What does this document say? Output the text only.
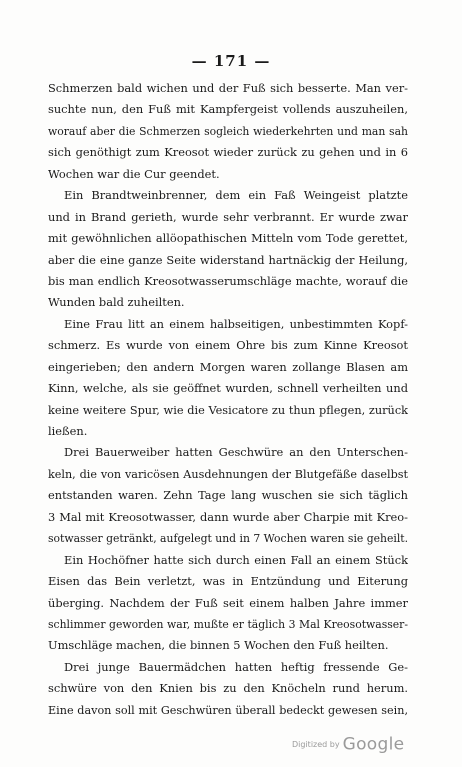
— 171 —
Schmerzen bald wichen und der Fuß sich besserte. Man ver-
suchte nun, den Fuß mit Kampfergeist vollends auszuheilen,
worauf aber die Schmerzen sogleich wiederkehrten und man sah
sich genöthigt zum Kreosot wieder zurück zu gehen und in 6
Wochen war die Cur geendet.
Ein Brandtweinbrenner, dem ein Faß Weingeist platzte
und in Brand gerieth, wurde sehr verbrannt. Er wurde zwar
mit gewöhnlichen allöopathischen Mitteln vom Tode gerettet,
aber die eine ganze Seite widerstand hartnäckig der Heilung,
bis man endlich Kreosotwasserumschläge machte, worauf die
Wunden bald zuheilten.
Eine Frau litt an einem halbseitigen, unbestimmten Kopf-
schmerz. Es wurde von einem Ohre bis zum Kinne Kreosot
eingerieben; den andern Morgen waren zollange Blasen am
Kinn, welche, als sie geöffnet wurden, schnell verheilten und
keine weitere Spur, wie die Vesicatore zu thun pflegen, zurück
ließen.
Drei Bauerweiber hatten Geschwüre an den Unterschen-
keln, die von varicösen Ausdehnungen der Blutgefäße daselbst
entstanden waren. Zehn Tage lang wuschen sie sich täglich
3 Mal mit Kreosotwasser, dann wurde aber Charpie mit Kreo-
sotwasser getränkt, aufgelegt und in 7 Wochen waren sie geheilt.
Ein Hochöfner hatte sich durch einen Fall an einem Stück
Eisen das Bein verletzt, was in Entzündung und Eiterung
überging. Nachdem der Fuß seit einem halben Jahre immer
schlimmer geworden war, mußte er täglich 3 Mal Kreosotwasser-
Umschläge machen, die binnen 5 Wochen den Fuß heilten.
Drei junge Bauermädchen hatten heftig fressende Ge-
schwüre von den Knien bis zu den Knöcheln rund herum.
Eine davon soll mit Geschwüren überall bedeckt gewesen sein,
Digitized by Google
